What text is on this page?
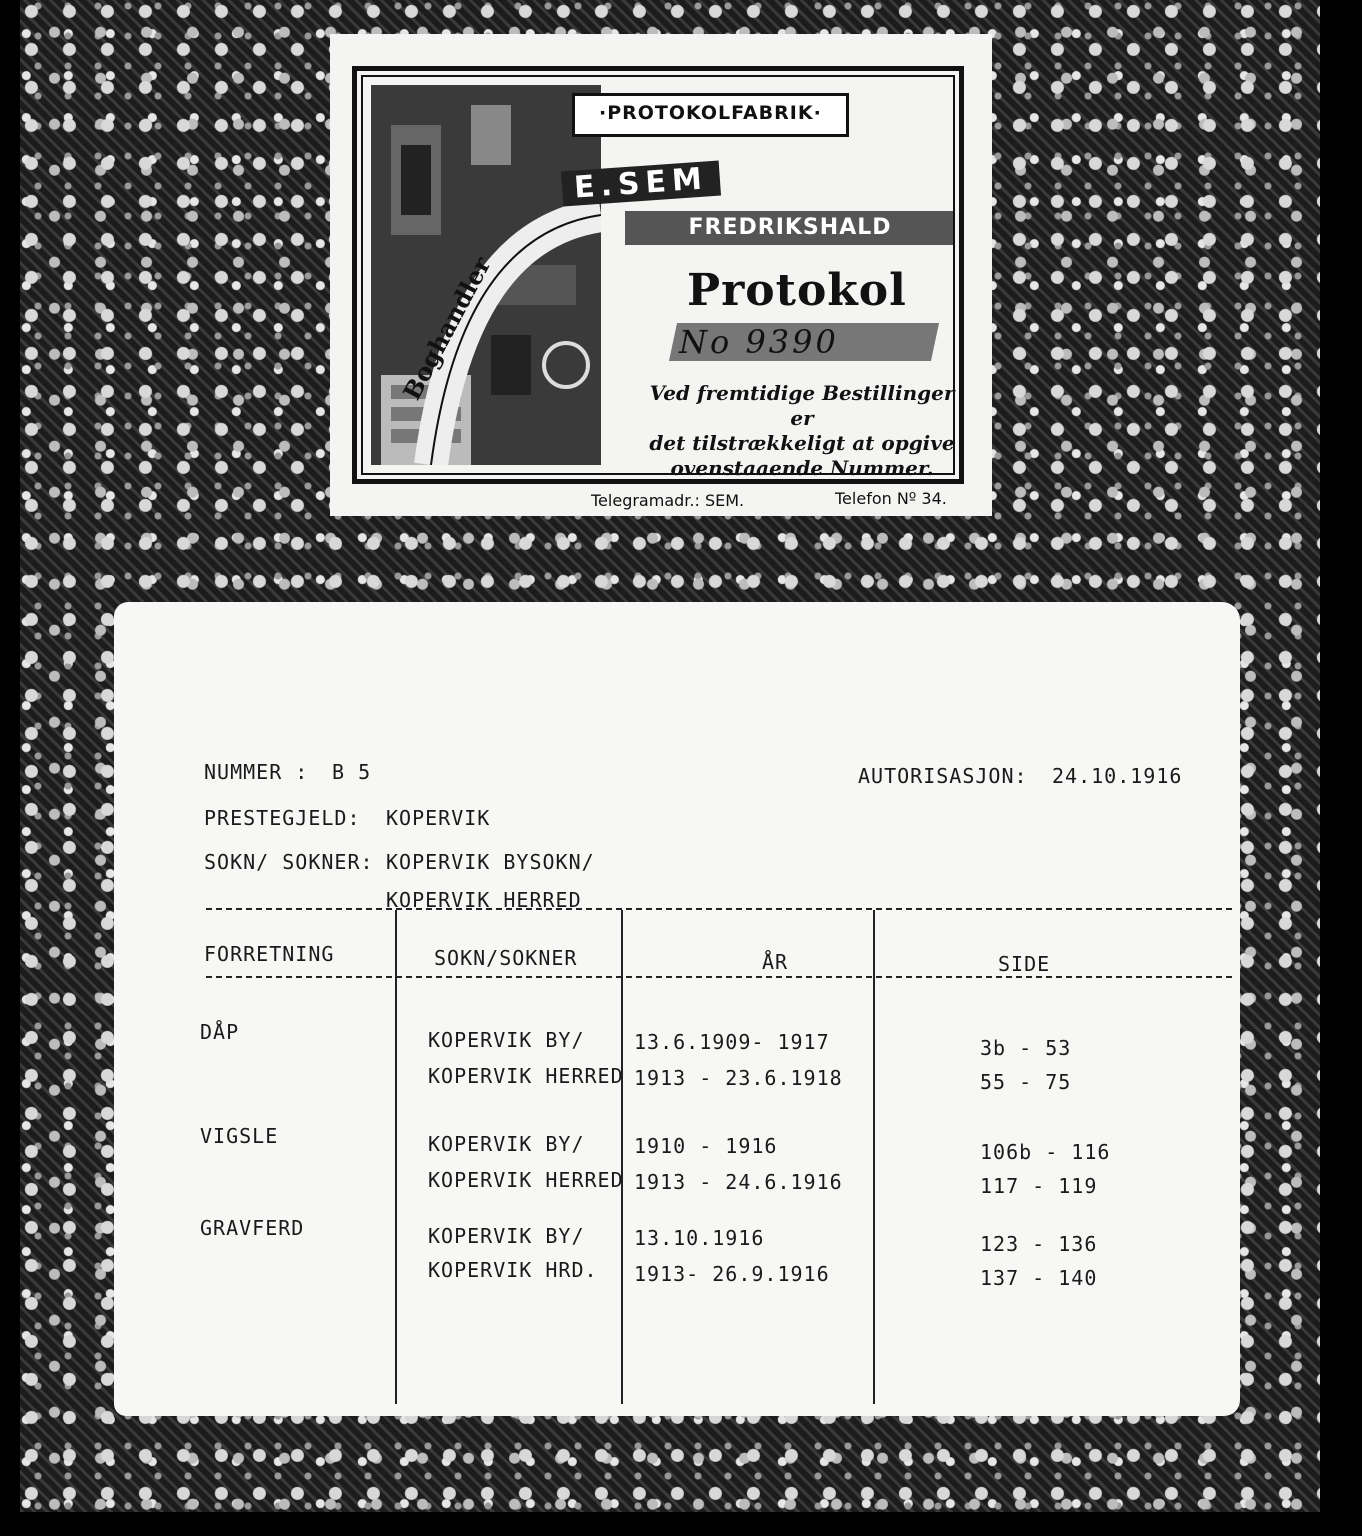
Boghandler
·PROTOKOLFABRIK·
E.SEM
FREDRIKSHALD
Protokol
No 9390
Ved fremtidige Bestillinger er
det tilstrækkeligt at opgive
ovenstaaende Nummer.
Telegramadr.: SEM.	Telefon Nº 34.
NUMMER : B 5	AUTORISASJON: 24.10.1916
PRESTEGJELD: KOPERVIK
SOKN/ SOKNER: KOPERVIK BYSOKN/
KOPERVIK HERRED
FORRETNING	SOKN/SOKNER	ÅR	SIDE
DÅP	KOPERVIK BY/ 13.6.1909- 1917	3b - 53
KOPERVIK HERRED 1913 - 23.6.1918	55 - 75
VIGSLE	KOPERVIK BY/ 1910 - 1916	106b - 116
KOPERVIK HERRED 1913 - 24.6.1916	117 - 119
GRAVFERD	KOPERVIK BY/ 13.10.1916	123 - 136
KOPERVIK HRD. 1913- 26.9.1916	137 - 140
